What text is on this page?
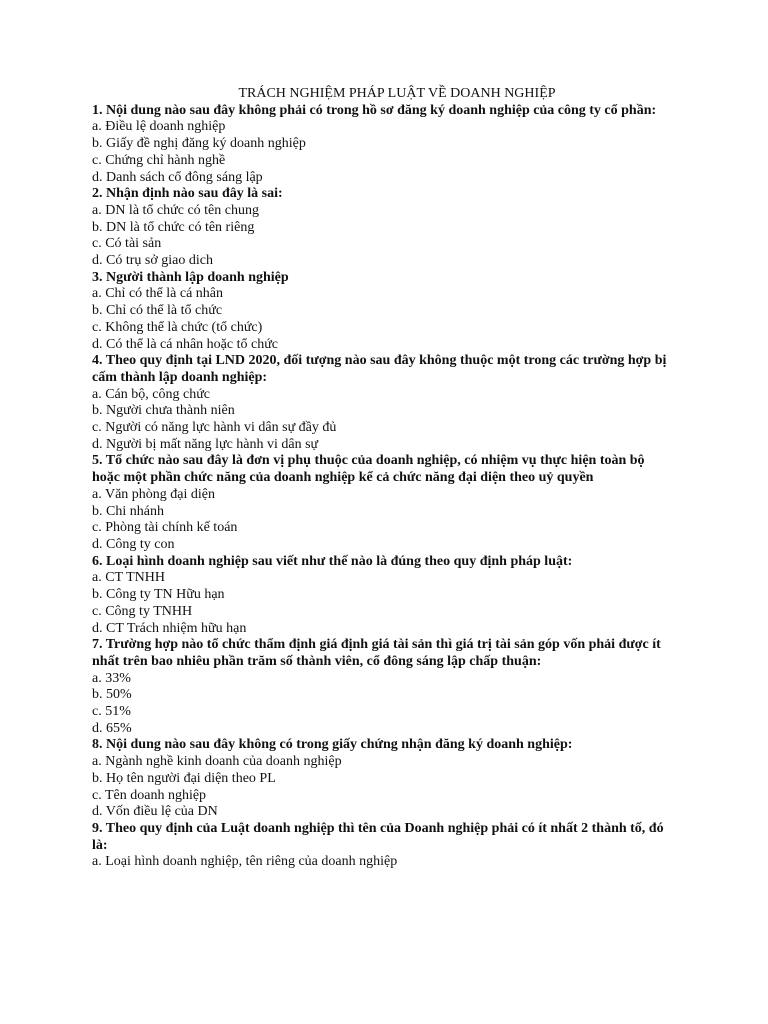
TRÁCH NGHIỆM PHÁP LUẬT VỀ DOANH NGHIỆP

1. Nội dung nào sau đây không phải có trong hồ sơ đăng ký doanh nghiệp của công ty cổ phần:

a. Điều lệ doanh nghiệp

b. Giấy đề nghị đăng ký doanh nghiệp

c. Chứng chỉ hành nghề

d. Danh sách cổ đông sáng lập

2. Nhận định nào sau đây là sai:

a. DN là tổ chức có tên chung

b. DN là tổ chức có tên riêng

c. Có tài sản

d. Có trụ sở giao dich

3. Người thành lập doanh nghiệp

a. Chỉ có thể là cá nhân

b. Chỉ có thể là tổ chức

c. Không thể là chức (tổ chức)

d. Có thể là cá nhân hoặc tổ chức

4. Theo quy định tại LND 2020, đối tượng nào sau đây không thuộc một trong các trường hợp bị cấm thành lập doanh nghiệp:

a. Cán bộ, công chức

b. Người chưa thành niên

c. Người có năng lực hành vi dân sự đầy đủ

d. Người bị mất năng lực hành vi dân sự

5. Tổ chức nào sau đây là đơn vị phụ thuộc của doanh nghiệp, có nhiệm vụ thực hiện toàn bộ hoặc một phần chức năng của doanh nghiệp kể cả chức năng đại diện theo uỷ quyền

a. Văn phòng đại diện

b. Chi nhánh

c. Phòng tài chính kế toán

d. Công ty con

6. Loại hình doanh nghiệp sau viết như thế nào là đúng theo quy định pháp luật:

a. CT TNHH

b. Công ty TN Hữu hạn

c. Công ty TNHH

d. CT Trách nhiệm hữu hạn

7. Trường hợp nào tổ chức thẩm định giá định giá tài sản thì giá trị tài sản góp vốn phải được ít nhất trên bao nhiêu phần trăm số thành viên, cổ đông sáng lập chấp thuận:

a. 33%

b. 50%

c. 51%

d. 65%

8. Nội dung nào sau đây không có trong giấy chứng nhận đăng ký doanh nghiệp:

a. Ngành nghề kinh doanh của doanh nghiệp

b. Họ tên người đại diện theo PL

c. Tên doanh nghiệp

d. Vốn điều lệ của DN

9. Theo quy định của Luật doanh nghiệp thì tên của Doanh nghiệp phải có ít nhất 2 thành tố, đó là:

a. Loại hình doanh nghiệp, tên riêng của doanh nghiệp
